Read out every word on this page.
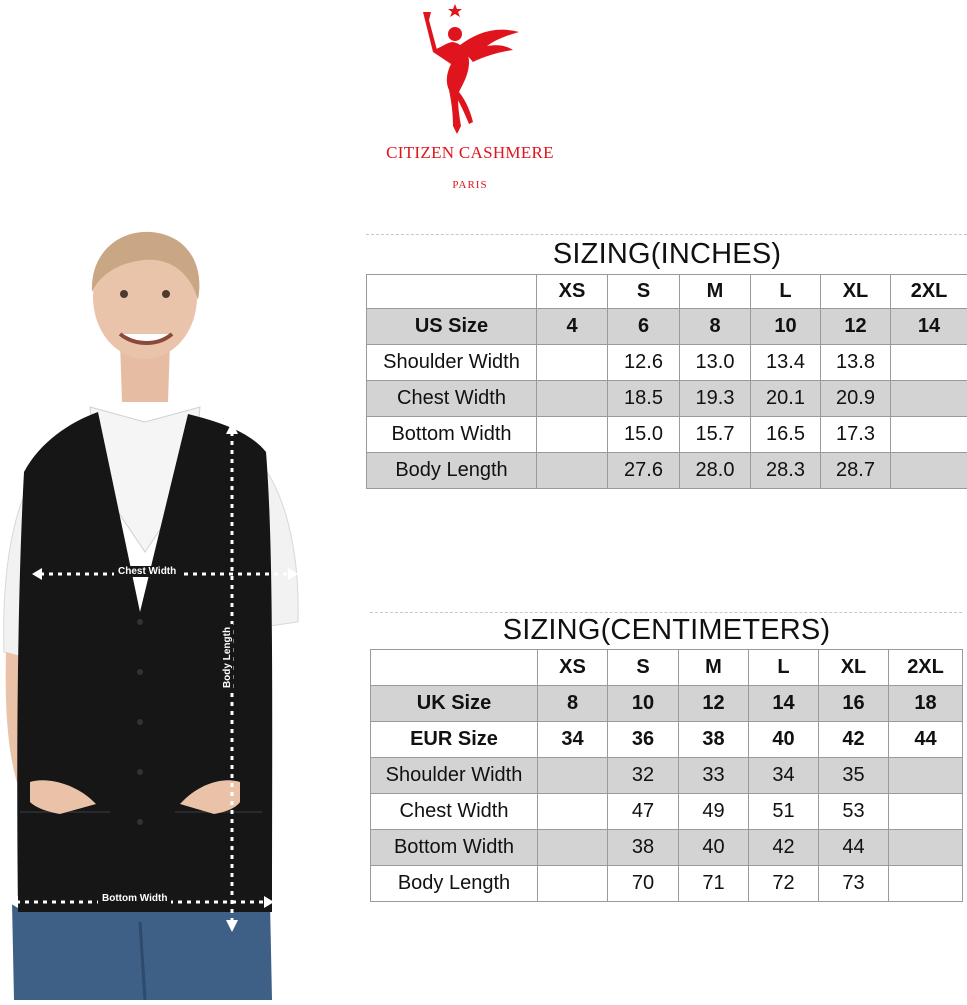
CITIZEN CASHMERE
PARIS
Chest Width
Body Length
Bottom Width
SIZING(INCHES)						
	XS	S	M	L	XL	2XL
US Size	4	6	8	10	12	14
Shoulder Width		12.6	13.0	13.4	13.8	
Chest Width		18.5	19.3	20.1	20.9	
Bottom Width		15.0	15.7	16.5	17.3	
Body Length		27.6	28.0	28.3	28.7	
SIZING(CENTIMETERS)						
	XS	S	M	L	XL	2XL
UK Size	8	10	12	14	16	18
EUR Size	34	36	38	40	42	44
Shoulder Width		32	33	34	35	
Chest Width		47	49	51	53	
Bottom Width		38	40	42	44	
Body Length		70	71	72	73	
